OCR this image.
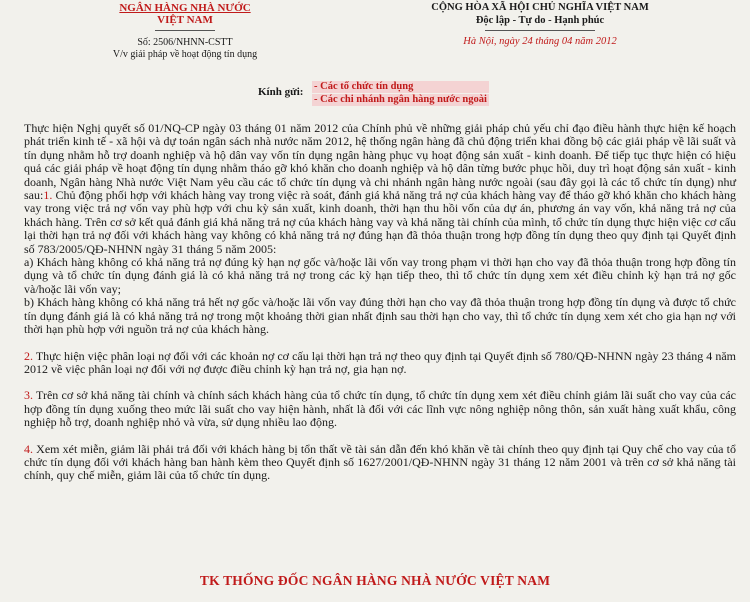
NGÂN HÀNG NHÀ NƯỚC
VIỆT NAM
Số: 2506/NHNN-CSTT
V/v giải pháp về hoạt động tín dụng
CỘNG HÒA XÃ HỘI CHỦ NGHĨA VIỆT NAM
Độc lập - Tự do - Hạnh phúc
Hà Nội, ngày 24 tháng 04 năm 2012
Kính gửi: - Các tổ chức tín dụng
- Các chi nhánh ngân hàng nước ngoài

Thực hiện Nghị quyết số 01/NQ-CP ngày 03 tháng 01 năm 2012 của Chính phủ về những giải pháp chủ yếu chỉ đạo điều hành thực hiện kế hoạch phát triển kinh tế - xã hội và dự toán ngân sách nhà nước năm 2012, hệ thống ngân hàng đã chủ động triển khai đồng bộ các giải pháp về lãi suất và tín dụng nhằm hỗ trợ doanh nghiệp và hộ dân vay vốn tín dụng ngân hàng phục vụ hoạt động sản xuất - kinh doanh. Để tiếp tục thực hiện có hiệu quả các giải pháp về hoạt động tín dụng nhằm tháo gỡ khó khăn cho doanh nghiệp và hộ dân từng bước phục hồi, duy trì hoạt động sản xuất - kinh doanh, Ngân hàng Nhà nước Việt Nam yêu cầu các tổ chức tín dụng và chi nhánh ngân hàng nước ngoài (sau đây gọi là các tổ chức tín dụng) như sau:1. Chủ động phối hợp với khách hàng vay trong việc rà soát, đánh giá khả năng trả nợ của khách hàng vay để tháo gỡ khó khăn cho khách hàng vay trong việc trả nợ vốn vay phù hợp với chu kỳ sản xuất, kinh doanh, thời hạn thu hồi vốn của dự án, phương án vay vốn, khả năng trả nợ của khách hàng. Trên cơ sở kết quả đánh giá khả năng trả nợ của khách hàng vay và khả năng tài chính của mình, tổ chức tín dụng thực hiện việc cơ cấu lại thời hạn trả nợ đối với khách hàng vay không có khả năng trả nợ đúng hạn đã thỏa thuận trong hợp đồng tín dụng theo quy định tại Quyết định số 783/2005/QĐ-NHNN ngày 31 tháng 5 năm 2005:

a) Khách hàng không có khả năng trả nợ đúng kỳ hạn nợ gốc và/hoặc lãi vốn vay trong phạm vi thời hạn cho vay đã thỏa thuận trong hợp đồng tín dụng và tổ chức tín dụng đánh giá là có khả năng trả nợ trong các kỳ hạn tiếp theo, thì tổ chức tín dụng xem xét điều chỉnh kỳ hạn trả nợ gốc và/hoặc lãi vốn vay;

b) Khách hàng không có khả năng trả hết nợ gốc và/hoặc lãi vốn vay đúng thời hạn cho vay đã thỏa thuận trong hợp đồng tín dụng và được tổ chức tín dụng đánh giá là có khả năng trả nợ trong một khoảng thời gian nhất định sau thời hạn cho vay, thì tổ chức tín dụng xem xét cho gia hạn nợ với thời hạn phù hợp với nguồn trả nợ của khách hàng.

2. Thực hiện việc phân loại nợ đối với các khoản nợ cơ cấu lại thời hạn trả nợ theo quy định tại Quyết định số 780/QĐ-NHNN ngày 23 tháng 4 năm 2012 về việc phân loại nợ đối với nợ được điều chỉnh kỳ hạn trả nợ, gia hạn nợ.

3. Trên cơ sở khả năng tài chính và chính sách khách hàng của tổ chức tín dụng, tổ chức tín dụng xem xét điều chỉnh giảm lãi suất cho vay của các hợp đồng tín dụng xuống theo mức lãi suất cho vay hiện hành, nhất là đối với các lĩnh vực nông nghiệp nông thôn, sản xuất hàng xuất khẩu, công nghiệp hỗ trợ, doanh nghiệp nhỏ và vừa, sử dụng nhiều lao động.

4. Xem xét miễn, giảm lãi phải trả đối với khách hàng bị tổn thất về tài sản dẫn đến khó khăn về tài chính theo quy định tại Quy chế cho vay của tổ chức tín dụng đối với khách hàng ban hành kèm theo Quyết định số 1627/2001/QĐ-NHNN ngày 31 tháng 12 năm 2001 và trên cơ sở khả năng tài chính, quy chế miễn, giảm lãi của tổ chức tín dụng.

TK THỐNG ĐỐC NGÂN HÀNG NHÀ NƯỚC VIỆT NAM
